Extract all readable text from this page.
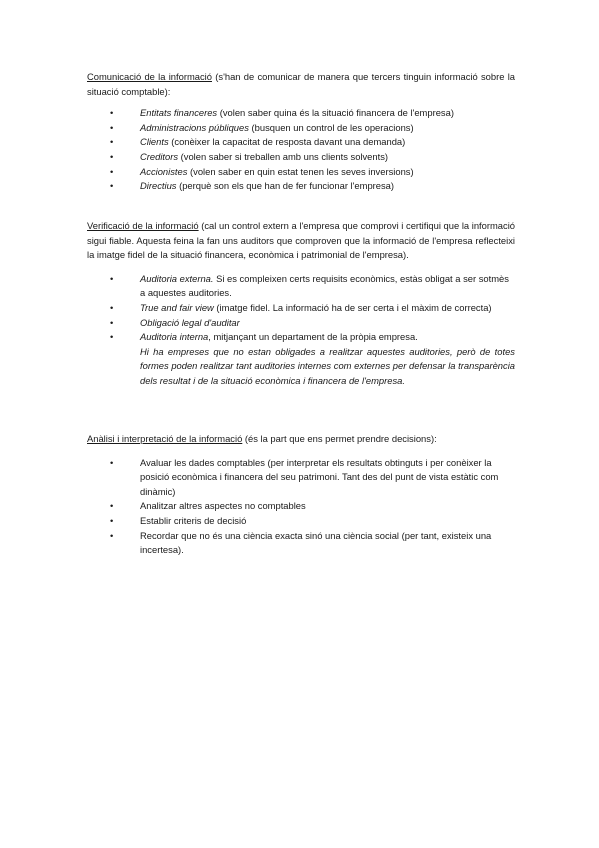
Comunicació de la informació (s'han de comunicar de manera que tercers tinguin informació sobre la situació comptable):

• Entitats financeres (volen saber quina és la situació financera de l'empresa)
• Administracions públiques (busquen un control de les operacions)
• Clients (conèixer la capacitat de resposta davant una demanda)
• Creditors (volen saber si treballen amb uns clients solvents)
• Accionistes (volen saber en quin estat tenen les seves inversions)
• Directius (perquè son els que han de fer funcionar l'empresa)

Verificació de la informació (cal un control extern a l'empresa que comprovi i certifiqui que la informació sigui fiable. Aquesta feina la fan uns auditors que comproven que la informació de l'empresa reflecteixi la imatge fidel de la situació financera, econòmica i patrimonial de l'empresa).

• Auditoria externa. Si es compleixen certs requisits econòmics, estàs obligat a ser sotmès a aquestes auditories.
• True and fair view (imatge fidel. La informació ha de ser certa i el màxim de correcta)
• Obligació legal d'auditar
• Auditoria interna, mitjançant un departament de la pròpia empresa.

Hi ha empreses que no estan obligades a realitzar aquestes auditories, però de totes formes poden realitzar tant auditories internes com externes per defensar la transparència dels resultat i de la situació econòmica i financera de l'empresa.

Anàlisi i interpretació de la informació (és la part que ens permet prendre decisions):

• Avaluar les dades comptables (per interpretar els resultats obtinguts i per conèixer la posició econòmica i financera del seu patrimoni. Tant des del punt de vista estàtic com dinàmic)
• Analitzar altres aspectes no comptables
• Establir criteris de decisió
• Recordar que no és una ciència exacta sinó una ciència social (per tant, existeix una incertesa).
